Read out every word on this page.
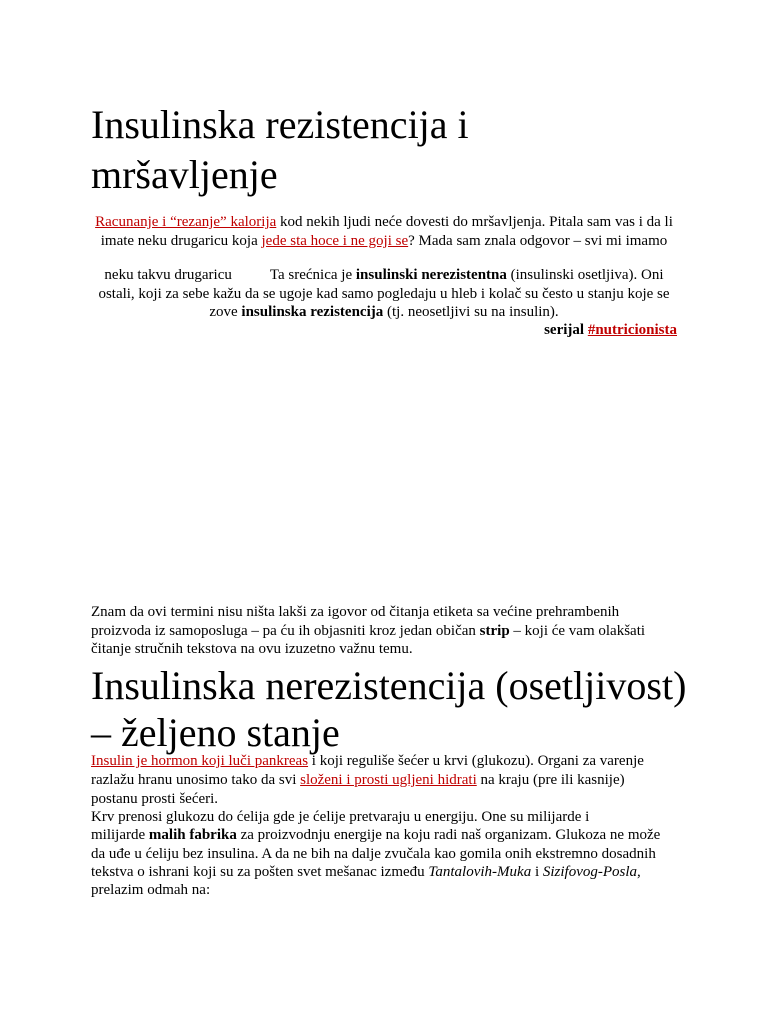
Insulinska rezistencija i
mršavljenje
Racunanje i “rezanje” kalorija kod nekih ljudi neće dovesti do mršavljenja. Pitala sam vas i da li
imate neku drugaricu koja jede sta hoce i ne goji se? Mada sam znala odgovor – svi mi imamo
neku takvu drugaricu	Ta srećnica je insulinski nerezistentna (insulinski osetljiva). Oni
ostali, koji za sebe kažu da se ugoje kad samo pogledaju u hleb i kolač su često u stanju koje se
zove insulinska rezistencija (tj. neosetljivi su na insulin).
serijal #nutricionista
Znam da ovi termini nisu ništa lakši za igovor od čitanja etiketa sa većine prehrambenih
proizvoda iz samoposluga – pa ću ih objasniti kroz jedan običan strip – koji će vam olakšati
čitanje stručnih tekstova na ovu izuzetno važnu temu.
Insulinska nerezistencija (osetljivost)
– željeno stanje
Insulin je hormon koji luči pankreas i koji reguliše šećer u krvi (glukozu). Organi za varenje
razlažu hranu unosimo tako da svi složeni i prosti ugljeni hidrati na kraju (pre ili kasnije)
postanu prosti šećeri.
Krv prenosi glukozu do ćelija gde je ćelije pretvaraju u energiju. One su milijarde i
milijarde malih fabrika za proizvodnju energije na koju radi naš organizam. Glukoza ne može
da uđe u ćeliju bez insulina. A da ne bih na dalje zvučala kao gomila onih ekstremno dosadnih
tekstva o ishrani koji su za pošten svet mešanac između Tantalovih-Muka i Sizifovog-Posla,
prelazim odmah na:
